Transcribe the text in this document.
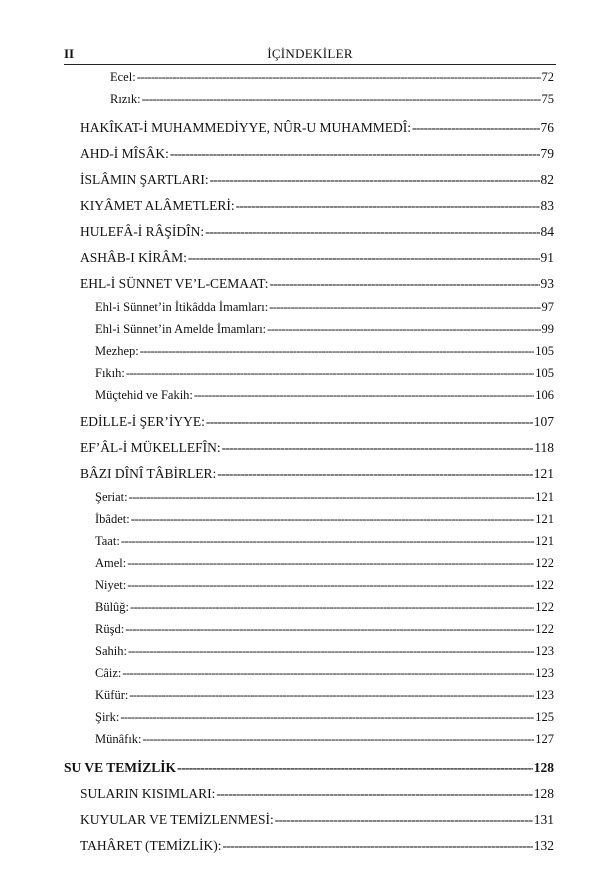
II	İÇİNDEKİLER
Ecel: -----	72
Rızık: -----	75
HAKÎKAT-İ MUHAMMEDİYYE, NÛR-U MUHAMMEDÎ: -----	76
AHD-İ MÎSÂK: -----	79
İSLÂMIN ŞARTLARI: -----	82
KIYÂMET ALÂMETLERİ: -----	83
HULEFÂ-İ RÂŞİDÎN: -----	84
ASHÂB-I KİRÂM: -----	91
EHL-İ SÜNNET VE’L-CEMAAT: -----	93
Ehl-i Sünnet’in İtikâdda İmamları: -----	97
Ehl-i Sünnet’in Amelde İmamları: -----	99
Mezhep: -----	105
Fıkıh: -----	105
Müçtehid ve Fakih: -----	106
EDİLLE-İ ŞER’İYYE: -----	107
EF’ÂL-İ MÜKELLEFÎN: -----	118
BÂZI DÎNÎ TÂBİRLER: -----	121
Şeriat: -----	121
İbâdet: -----	121
Taat: -----	121
Amel: -----	122
Niyet: -----	122
Bülûğ: -----	122
Rüşd: -----	122
Sahih: -----	123
Câiz: -----	123
Küfür: -----	123
Şirk: -----	125
Münâfık: -----	127
SU VE TEMİZLİK -----	128
SULARIN KISIMLARI: -----	128
KUYULAR VE TEMİZLENMESİ: -----	131
TAHÂRET (TEMİZLİK): -----	132
